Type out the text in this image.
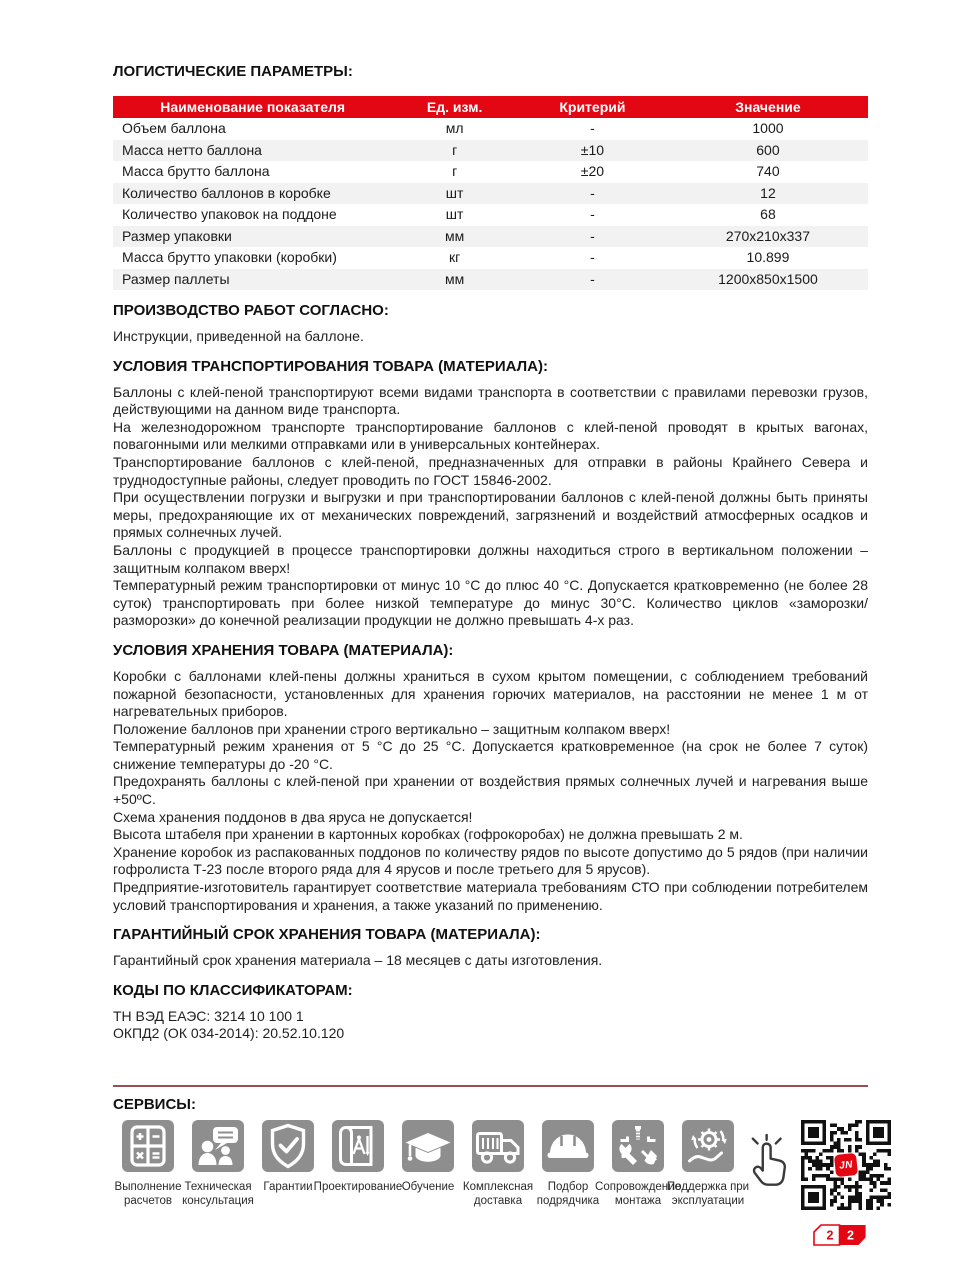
ЛОГИСТИЧЕСКИЕ ПАРАМЕТРЫ:
Наименование показателя	Ед. изм.	Критерий	Значение
Объем баллона	мл	-	1000
Масса нетто баллона	г	±10	600
Масса брутто баллона	г	±20	740
Количество баллонов в коробке	шт	-	12
Количество упаковок на поддоне	шт	-	68
Размер упаковки	мм	-	270х210х337
Масса брутто упаковки (коробки)	кг	-	10.899
Размер паллеты	мм	-	1200х850х1500
ПРОИЗВОДСТВО РАБОТ СОГЛАСНО:

Инструкции, приведенной на баллоне.

УСЛОВИЯ ТРАНСПОРТИРОВАНИЯ ТОВАРА (МАТЕРИАЛА):

Баллоны с клей-пеной транспортируют всеми видами транспорта в соответствии с правилами перевозки грузов, действующими на данном виде транспорта.

На железнодорожном транспорте транспортирование баллонов с клей-пеной проводят в крытых вагонах, повагонными или мелкими отправками или в универсальных контейнерах.

Транспортирование баллонов с клей-пеной, предназначенных для отправки в районы Крайнего Севера и труднодоступные районы, следует проводить по ГОСТ 15846-2002.

При осуществлении погрузки и выгрузки и при транспортировании баллонов с клей-пеной должны быть приняты меры, предохраняющие их от механических повреждений, загрязнений и воздействий атмосферных осадков и прямых солнечных лучей.

Баллоны с продукцией в процессе транспортировки должны находиться строго в вертикальном положении – защитным колпаком вверх!

Температурный режим транспортировки от минус 10 °С до плюс 40 °С. Допускается кратковременно (не более 28 суток) транспортировать при более низкой температуре до минус 30°С. Количество циклов «заморозки/разморозки» до конечной реализации продукции не должно превышать 4-х раз.

УСЛОВИЯ ХРАНЕНИЯ ТОВАРА (МАТЕРИАЛА):

Коробки с баллонами клей-пены должны храниться в сухом крытом помещении, с соблюдением требований пожарной безопасности, установленных для хранения горючих материалов, на расстоянии не менее 1 м от нагревательных приборов.

Положение баллонов при хранении строго вертикально – защитным колпаком вверх!

Температурный режим хранения от 5 °С до 25 °С. Допускается кратковременное (на срок не более 7 суток) снижение температуры до -20 °С.

Предохранять баллоны с клей-пеной при хранении от воздействия прямых солнечных лучей и нагревания выше +50ºС.

Схема хранения поддонов в два яруса не допускается!

Высота штабеля при хранении в картонных коробках (гофрокоробах) не должна превышать 2 м.

Хранение коробок из распакованных поддонов по количеству рядов по высоте допустимо до 5 рядов (при наличии гофролиста Т-23 после второго ряда для 4 ярусов и после третьего для 5 ярусов).

Предприятие-изготовитель гарантирует соответствие материала требованиям СТО при соблюдении потребителем условий транспортирования и хранения, а также указаний по применению.

ГАРАНТИЙНЫЙ СРОК ХРАНЕНИЯ ТОВАРА (МАТЕРИАЛА):

Гарантийный срок хранения материала – 18 месяцев с даты изготовления.

КОДЫ ПО КЛАССИФИКАТОРАМ:

ТН ВЭД ЕАЭС: 3214 10 100 1

ОКПД2 (ОК 034-2014): 20.52.10.120

СЕРВИСЫ:
Выполнение расчетов
Техническая консультация
Гарантии Проектирование Обучение Комплексная доставка
Подбор подрядчика
Сопровождение монтажа
Поддержка при эксплуатации
JN
2 2
